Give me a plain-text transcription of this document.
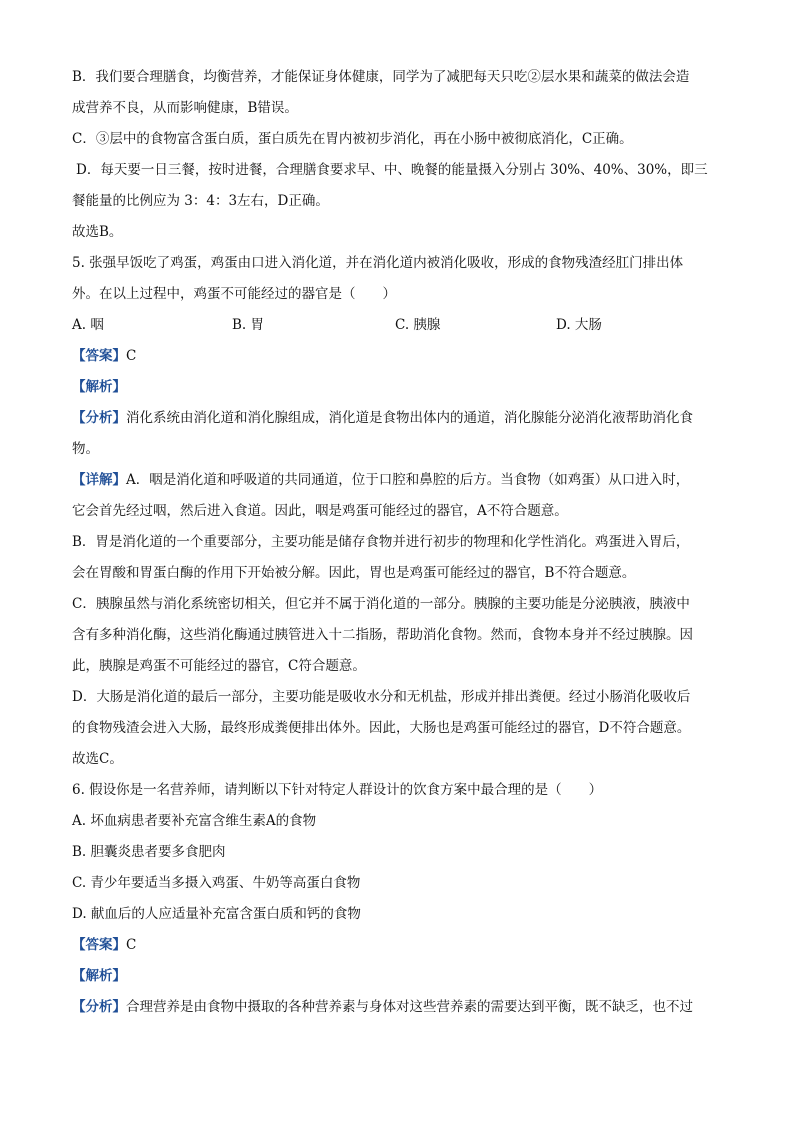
B．我们要合理膳食，均衡营养，才能保证身体健康，同学为了减肥每天只吃②层水果和蔬菜的做法会造

成营养不良，从而影响健康，B错误。

C．③层中的食物富含蛋白质，蛋白质先在胃内被初步消化，再在小肠中被彻底消化，C正确。

D．每天要一日三餐，按时进餐，合理膳食要求早、中、晚餐的能量摄入分别占 30%、40%、30%，即三

餐能量的比例应为 3：4：3左右，D正确。

故选B。

5. 张强早饭吃了鸡蛋，鸡蛋由口进入消化道，并在消化道内被消化吸收，形成的食物残渣经肛门排出体

外。在以上过程中，鸡蛋不可能经过的器官是（　　）

A. 咽	B. 胃	C. 胰腺	D. 大肠

【答案】C

【解析】

【分析】消化系统由消化道和消化腺组成，消化道是食物出体内的通道，消化腺能分泌消化液帮助消化食

物。

【详解】A．咽是消化道和呼吸道的共同通道，位于口腔和鼻腔的后方。当食物（如鸡蛋）从口进入时，

它会首先经过咽，然后进入食道。因此，咽是鸡蛋可能经过的器官，A不符合题意。

B．胃是消化道的一个重要部分，主要功能是储存食物并进行初步的物理和化学性消化。鸡蛋进入胃后，

会在胃酸和胃蛋白酶的作用下开始被分解。因此，胃也是鸡蛋可能经过的器官，B不符合题意。

C．胰腺虽然与消化系统密切相关，但它并不属于消化道的一部分。胰腺的主要功能是分泌胰液，胰液中

含有多种消化酶，这些消化酶通过胰管进入十二指肠，帮助消化食物。然而，食物本身并不经过胰腺。因

此，胰腺是鸡蛋不可能经过的器官，C符合题意。

D．大肠是消化道的最后一部分，主要功能是吸收水分和无机盐，形成并排出粪便。经过小肠消化吸收后

的食物残渣会进入大肠，最终形成粪便排出体外。因此，大肠也是鸡蛋可能经过的器官，D不符合题意。

故选C。

6. 假设你是一名营养师，请判断以下针对特定人群设计的饮食方案中最合理的是（　　）

A. 坏血病患者要补充富含维生素A的食物

B. 胆囊炎患者要多食肥肉

C. 青少年要适当多摄入鸡蛋、牛奶等高蛋白食物

D. 献血后的人应适量补充富含蛋白质和钙的食物

【答案】C

【解析】

【分析】合理营养是由食物中摄取的各种营养素与身体对这些营养素的需要达到平衡，既不缺乏，也不过
